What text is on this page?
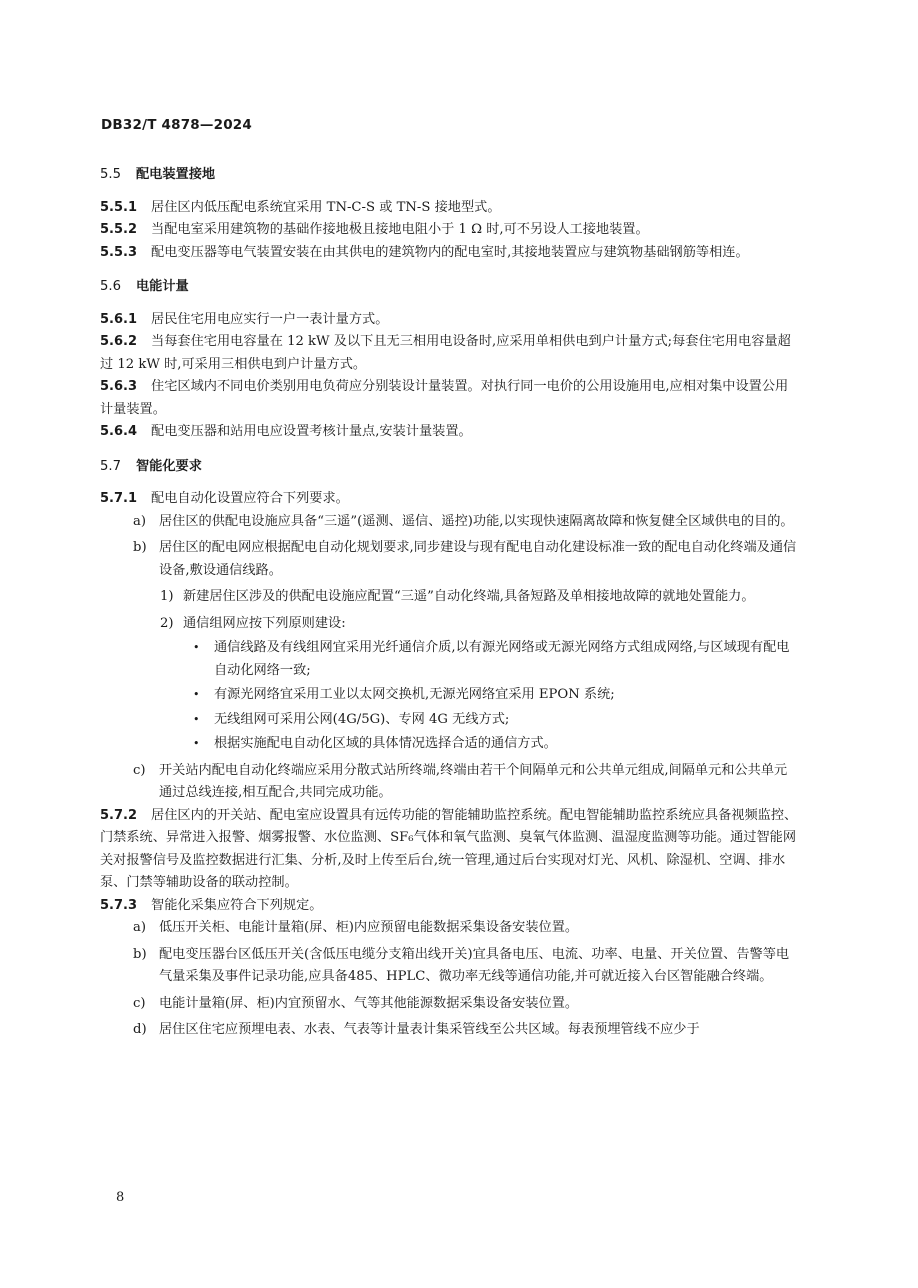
DB32/T 4878—2024
5.5 配电装置接地

5.5.1 居住区内低压配电系统宜采用 TN-C-S 或 TN-S 接地型式。

5.5.2 当配电室采用建筑物的基础作接地极且接地电阻小于 1 Ω 时,可不另设人工接地装置。

5.5.3 配电变压器等电气装置安装在由其供电的建筑物内的配电室时,其接地装置应与建筑物基础钢筋等相连。

5.6 电能计量

5.6.1 居民住宅用电应实行一户一表计量方式。

5.6.2 当每套住宅用电容量在 12 kW 及以下且无三相用电设备时,应采用单相供电到户计量方式;每套住宅用电容量超过 12 kW 时,可采用三相供电到户计量方式。

5.6.3 住宅区域内不同电价类别用电负荷应分别装设计量装置。对执行同一电价的公用设施用电,应相对集中设置公用计量装置。

5.6.4 配电变压器和站用电应设置考核计量点,安装计量装置。

5.7 智能化要求

5.7.1 配电自动化设置应符合下列要求。

a) 居住区的供配电设施应具备“三遥”(遥测、遥信、遥控)功能,以实现快速隔离故障和恢复健全区域供电的目的。

b) 居住区的配电网应根据配电自动化规划要求,同步建设与现有配电自动化建设标准一致的配电自动化终端及通信设备,敷设通信线路。

1) 新建居住区涉及的供配电设施应配置“三遥”自动化终端,具备短路及单相接地故障的就地处置能力。

2) 通信组网应按下列原则建设:

• 通信线路及有线组网宜采用光纤通信介质,以有源光网络或无源光网络方式组成网络,与区域现有配电自动化网络一致;

• 有源光网络宜采用工业以太网交换机,无源光网络宜采用 EPON 系统;

• 无线组网可采用公网(4G/5G)、专网 4G 无线方式;

• 根据实施配电自动化区域的具体情况选择合适的通信方式。

c) 开关站内配电自动化终端应采用分散式站所终端,终端由若干个间隔单元和公共单元组成,间隔单元和公共单元通过总线连接,相互配合,共同完成功能。

5.7.2 居住区内的开关站、配电室应设置具有远传功能的智能辅助监控系统。配电智能辅助监控系统应具备视频监控、门禁系统、异常进入报警、烟雾报警、水位监测、SF₆气体和氧气监测、臭氧气体监测、温湿度监测等功能。通过智能网关对报警信号及监控数据进行汇集、分析,及时上传至后台,统一管理,通过后台实现对灯光、风机、除湿机、空调、排水泵、门禁等辅助设备的联动控制。

5.7.3 智能化采集应符合下列规定。

a) 低压开关柜、电能计量箱(屏、柜)内应预留电能数据采集设备安装位置。

b) 配电变压器台区低压开关(含低压电缆分支箱出线开关)宜具备电压、电流、功率、电量、开关位置、告警等电气量采集及事件记录功能,应具备485、HPLC、微功率无线等通信功能,并可就近接入台区智能融合终端。

c) 电能计量箱(屏、柜)内宜预留水、气等其他能源数据采集设备安装位置。

d) 居住区住宅应预埋电表、水表、气表等计量表计集采管线至公共区域。每表预埋管线不应少于

8
